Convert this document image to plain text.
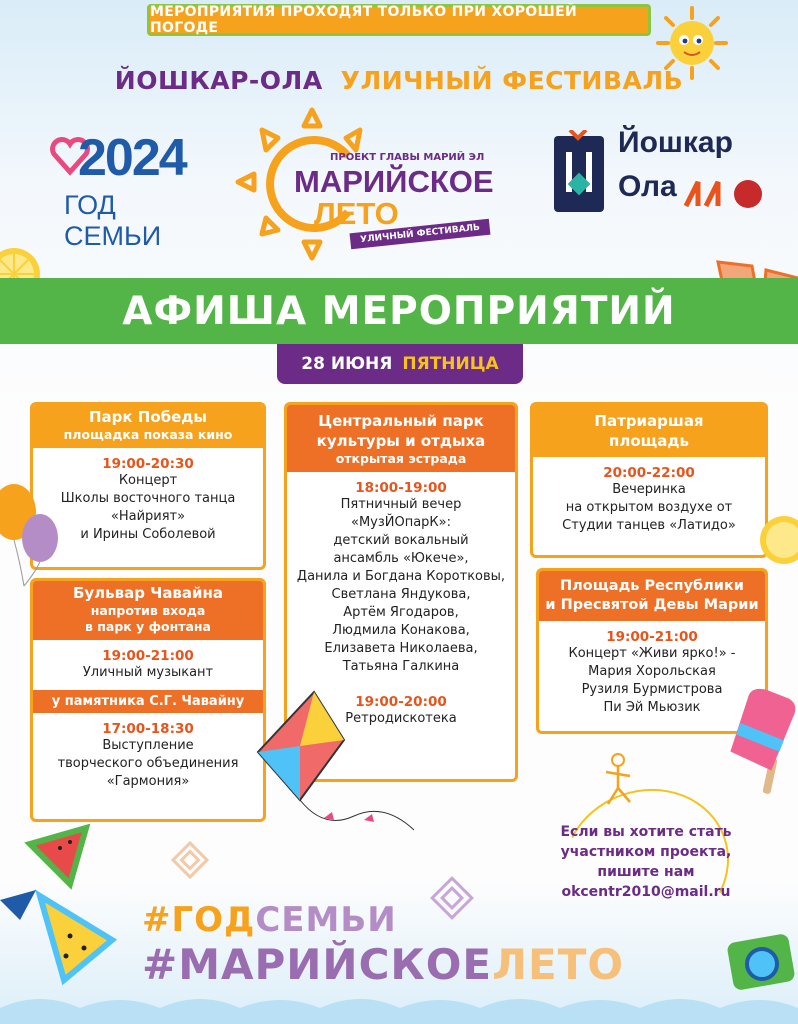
МЕРОПРИЯТИЯ ПРОХОДЯТ ТОЛЬКО ПРИ ХОРОШЕЙ ПОГОДЕ
ЙОШКАР-ОЛА УЛИЧНЫЙ ФЕСТИВАЛЬ
2024
ГОД СЕМЬИ
ПРОЕКТ ГЛАВЫ МАРИЙ ЭЛ
МАРИЙСКОЕ
ЛЕТО
УЛИЧНЫЙ ФЕСТИВАЛЬ
Йошкар
Ола
АФИША МЕРОПРИЯТИЙ
28 ИЮНЯ ПЯТНИЦА
Парк Победы
площадка показа кино
19:00-20:30
Концерт
Школы восточного танца
«Найрият»
и Ирины Соболевой
Бульвар Чавайна
напротив входа
в парк у фонтана
19:00-21:00
Уличный музыкант
у памятника С.Г. Чавайну
17:00-18:30
Выступление
творческого объединения
«Гармония»
Центральный парк
культуры и отдыха
открытая эстрада
18:00-19:00
Пятничный вечер
«МузЙОпарК»:
детский вокальный
ансамбль «Юкече»,
Данила и Богдана Коротковы,
Светлана Яндукова,
Артём Ягодаров,
Людмила Конакова,
Елизавета Николаева,
Татьяна Галкина
19:00-20:00
Ретродискотека
Патриаршая
площадь
20:00-22:00
Вечеринка
на открытом воздухе от
Студии танцев «Латидо»
Площадь Республики
и Пресвятой Девы Марии
19:00-21:00
Концерт «Живи ярко!» -
Мария Хорольская
Рузиля Бурмистрова
Пи Эй Мьюзик
Если вы хотите стать
участником проекта,
пишите нам
okcentr2010@mail.ru
#ГОДСЕМЬИ
#МАРИЙСКОЕЛЕТО
